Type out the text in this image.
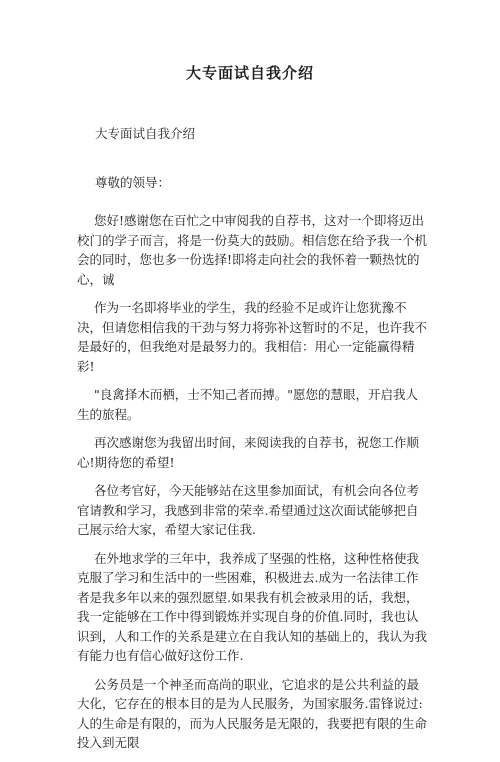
大专面试自我介绍

大专面试自我介绍

尊敬的领导：

您好!感谢您在百忙之中审阅我的自荐书，这对一个即将迈出校门的学子而言，将是一份莫大的鼓励。相信您在给予我一个机会的同时，您也多一份选择!即将走向社会的我怀着一颗热忱的心，诚

作为一名即将毕业的学生，我的经验不足或许让您犹豫不决，但请您相信我的干劲与努力将弥补这暂时的不足，也许我不是最好的，但我绝对是最努力的。我相信：用心一定能赢得精彩!

"良禽择木而栖，士不知己者而搏。"愿您的慧眼，开启我人生的旅程。

再次感谢您为我留出时间，来阅读我的自荐书，祝您工作顺心!期待您的希望!

各位考官好，今天能够站在这里参加面试，有机会向各位考官请教和学习，我感到非常的荣幸.希望通过这次面试能够把自己展示给大家，希望大家记住我.

在外地求学的三年中，我养成了坚强的性格，这种性格使我克服了学习和生活中的一些困难，积极进去.成为一名法律工作者是我多年以来的强烈愿望.如果我有机会被录用的话，我想，我一定能够在工作中得到锻炼并实现自身的价值.同时，我也认识到，人和工作的关系是建立在自我认知的基础上的，我认为我有能力也有信心做好这份工作.

公务员是一个神圣而高尚的职业，它追求的是公共利益的最大化，它存在的根本目的是为人民服务，为国家服务.雷锋说过:人的生命是有限的，而为人民服务是无限的，我要把有限的生命投入到无限
